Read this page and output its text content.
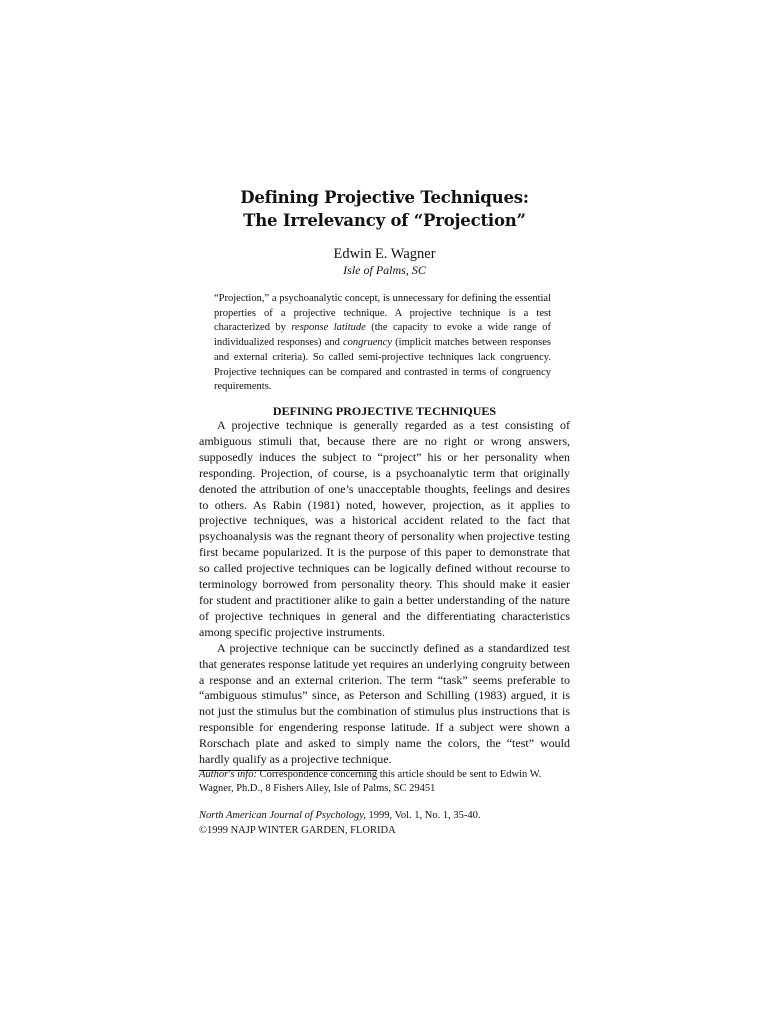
Defining Projective Techniques:
The Irrelevancy of “Projection”
Edwin E. Wagner
Isle of Palms, SC
“Projection,” a psychoanalytic concept, is unnecessary for defining the essential properties of a projective technique. A projective technique is a test characterized by response latitude (the capacity to evoke a wide range of individualized responses) and congruency (implicit matches between responses and external criteria). So called semi-projective techniques lack congruency. Projective techniques can be compared and contrasted in terms of congruency requirements.
DEFINING PROJECTIVE TECHNIQUES

A projective technique is generally regarded as a test consisting of ambiguous stimuli that, because there are no right or wrong answers, supposedly induces the subject to “project” his or her personality when responding. Projection, of course, is a psychoanalytic term that originally denoted the attribution of one’s unacceptable thoughts, feelings and desires to others. As Rabin (1981) noted, however, projection, as it applies to projective techniques, was a historical accident related to the fact that psychoanalysis was the regnant theory of personality when projective testing first became popularized. It is the purpose of this paper to demonstrate that so called projective techniques can be logically defined without recourse to terminology borrowed from personality theory. This should make it easier for student and practitioner alike to gain a better understanding of the nature of projective techniques in general and the differentiating characteristics among specific projective instruments.

A projective technique can be succinctly defined as a standardized test that generates response latitude yet requires an underlying congruity between a response and an external criterion. The term “task” seems preferable to “ambiguous stimulus” since, as Peterson and Schilling (1983) argued, it is not just the stimulus but the combination of stimulus plus instructions that is responsible for engendering response latitude. If a subject were shown a Rorschach plate and asked to simply name the colors, the “test” would hardly qualify as a projective technique.

Author's info: Correspondence concerning this article should be sent to Edwin W. Wagner, Ph.D., 8 Fishers Alley, Isle of Palms, SC 29451
North American Journal of Psychology, 1999, Vol. 1, No. 1, 35-40.
©1999 NAJP WINTER GARDEN, FLORIDA
